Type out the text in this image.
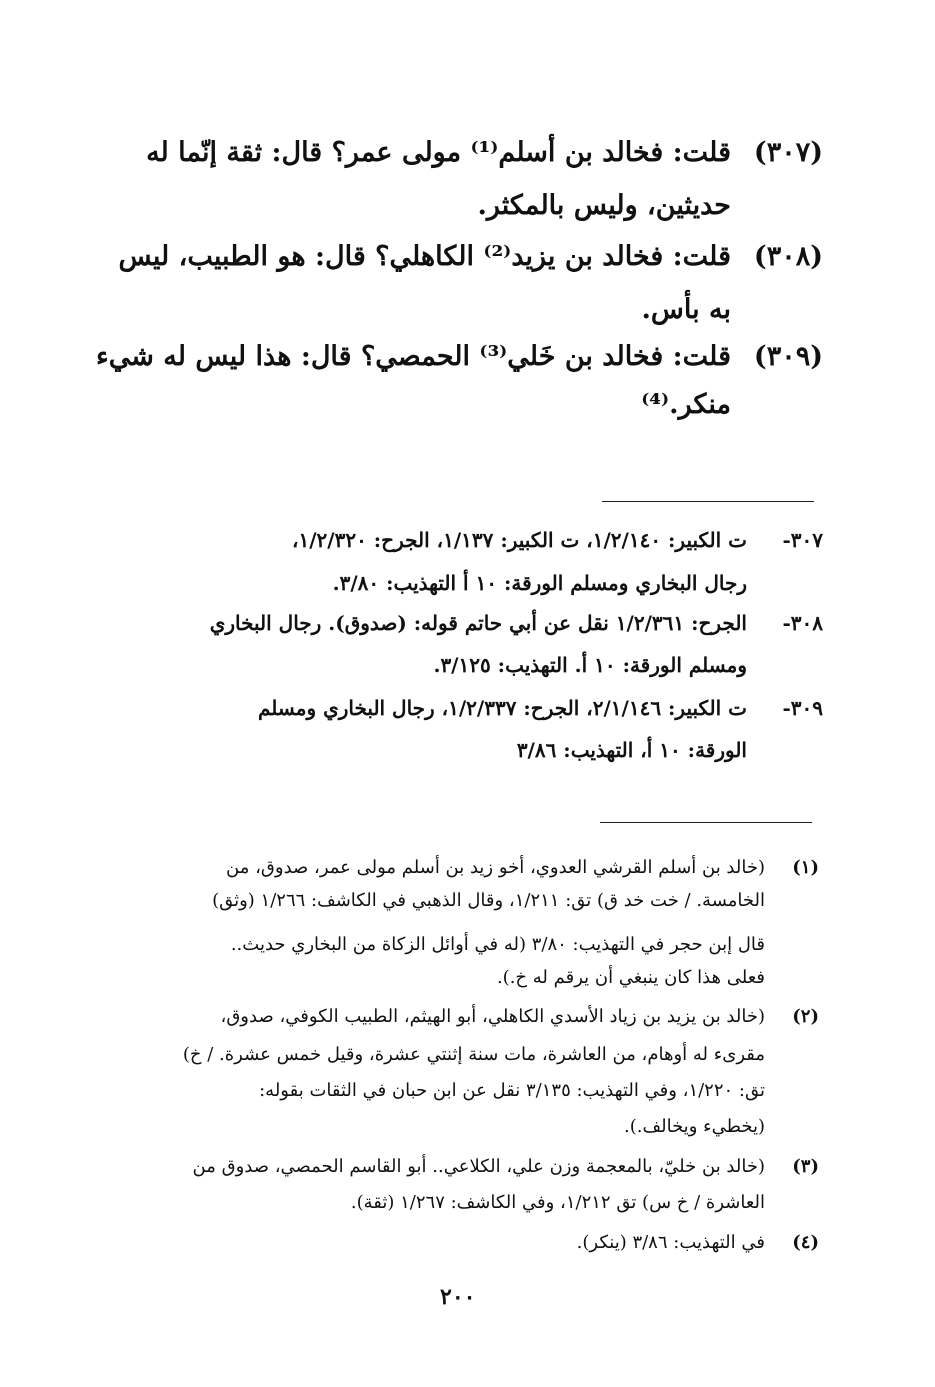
(٣٠٧)
قلت: فخالد بن أسلم⁽¹⁾ مولى عمر؟ قال: ثقة إنّما له
حديثين، وليس بالمكثر.
(٣٠٨)
قلت: فخالد بن يزيد⁽²⁾ الكاهلي؟ قال: هو الطبيب، ليس
به بأس.
(٣٠٩)
قلت: فخالد بن خَلي⁽³⁾ الحمصي؟ قال: هذا ليس له شيء
منكر.⁽⁴⁾
٣٠٧-
ت الكبير: ١/٢/١٤٠، ت الكبير: ١/١٣٧، الجرح: ١/٢/٣٢٠،
رجال البخاري ومسلم الورقة: ١٠ أ التهذيب: ٣/٨٠.
٣٠٨-
الجرح: ١/٢/٣٦١ نقل عن أبي حاتم قوله: (صدوق). رجال البخاري
ومسلم الورقة: ١٠ أ. التهذيب: ٣/١٢٥.
٣٠٩-
ت الكبير: ٢/١/١٤٦، الجرح: ١/٢/٣٣٧، رجال البخاري ومسلم
الورقة: ١٠ أ، التهذيب: ٣/٨٦
(١)
(خالد بن أسلم القرشي العدوي، أخو زيد بن أسلم مولى عمر، صدوق، من
الخامسة. / خت خد ق) تق: ١/٢١١، وقال الذهبي في الكاشف: ١/٢٦٦ (وثق)
قال إبن حجر في التهذيب: ٣/٨٠ (له في أوائل الزكاة من البخاري حديث..
فعلى هذا كان ينبغي أن يرقم له خ.).
(٢)
(خالد بن يزيد بن زياد الأسدي الكاهلي، أبو الهيثم، الطبيب الكوفي، صدوق،
مقرىء له أوهام، من العاشرة، مات سنة إثنتي عشرة، وقيل خمس عشرة. / خ)
تق: ١/٢٢٠، وفي التهذيب: ٣/١٣٥ نقل عن ابن حبان في الثقات بقوله:
(يخطيء ويخالف.).
(٣)
(خالد بن خليّ، بالمعجمة وزن علي، الكلاعي.. أبو القاسم الحمصي، صدوق من
العاشرة / خ س) تق ١/٢١٢، وفي الكاشف: ١/٢٦٧ (ثقة).
(٤)
في التهذيب: ٣/٨٦ (ينكر).
٢٠٠
